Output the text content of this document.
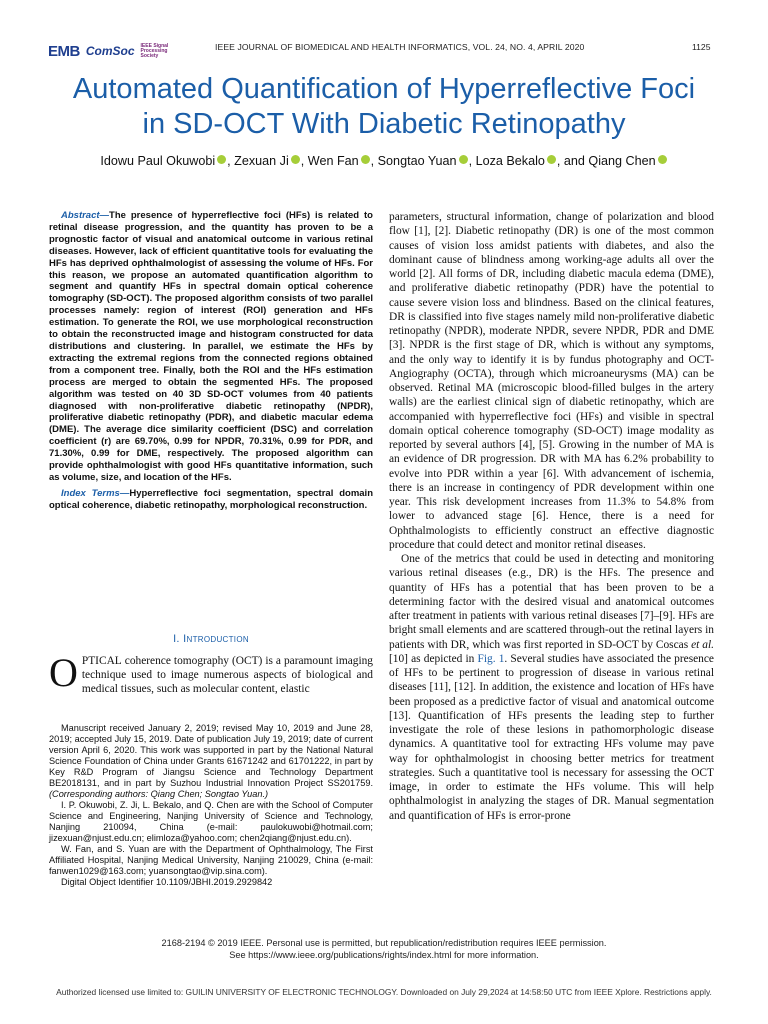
EMB ComSoc IEEE Signal Processing Society
IEEE JOURNAL OF BIOMEDICAL AND HEALTH INFORMATICS, VOL. 24, NO. 4, APRIL 2020	1125
Automated Quantification of Hyperreflective Foci
in SD-OCT With Diabetic Retinopathy
Idowu Paul Okuwobi , Zexuan Ji , Wen Fan , Songtao Yuan , Loza Bekalo , and Qiang Chen

Abstract—The presence of hyperreflective foci (HFs) is related to retinal disease progression, and the quantity has proven to be a prognostic factor of visual and anatomical outcome in various retinal diseases. However, lack of efficient quantitative tools for evaluating the HFs has deprived ophthalmologist of assessing the volume of HFs. For this reason, we propose an automated quantification algorithm to segment and quantify HFs in spectral domain optical coherence tomography (SD-OCT). The proposed algorithm consists of two parallel processes namely: region of interest (ROI) generation and HFs estimation. To generate the ROI, we use morphological reconstruction to obtain the reconstructed image and histogram constructed for data distributions and clustering. In parallel, we estimate the HFs by extracting the extremal regions from the connected regions obtained from a component tree. Finally, both the ROI and the HFs estimation process are merged to obtain the segmented HFs. The proposed algorithm was tested on 40 3D SD-OCT volumes from 40 patients diagnosed with non-proliferative diabetic retinopathy (NPDR), proliferative diabetic retinopathy (PDR), and diabetic macular edema (DME). The average dice similarity coefficient (DSC) and correlation coefficient (r) are 69.70%, 0.99 for NPDR, 70.31%, 0.99 for PDR, and 71.30%, 0.99 for DME, respectively. The proposed algorithm can provide ophthalmologist with good HFs quantitative information, such as volume, size, and location of the HFs.

Index Terms—Hyperreflective foci segmentation, spectral domain optical coherence, diabetic retinopathy, morphological reconstruction.

I. Introduction

OPTICAL coherence tomography (OCT) is a paramount imaging technique used to image numerous aspects of biological and medical tissues, such as molecular content, elastic

Manuscript received January 2, 2019; revised May 10, 2019 and June 28, 2019; accepted July 15, 2019. Date of publication July 19, 2019; date of current version April 6, 2020. This work was supported in part by the National Natural Science Foundation of China under Grants 61671242 and 61701222, in part by Key R&D Program of Jiangsu Science and Technology Department BE2018131, and in part by Suzhou Industrial Innovation Project SS201759. (Corresponding authors: Qiang Chen; Songtao Yuan.)

I. P. Okuwobi, Z. Ji, L. Bekalo, and Q. Chen are with the School of Computer Science and Engineering, Nanjing University of Science and Technology, Nanjing 210094, China (e-mail: paulokuwobi@hotmail.com; jizexuan@njust.edu.cn; elimloza@yahoo.com; chen2qiang@njust.edu.cn).

W. Fan, and S. Yuan are with the Department of Ophthalmology, The First Affiliated Hospital, Nanjing Medical University, Nanjing 210029, China (e-mail: fanwen1029@163.com; yuansongtao@vip.sina.com).

Digital Object Identifier 10.1109/JBHI.2019.2929842

parameters, structural information, change of polarization and blood flow [1], [2]. Diabetic retinopathy (DR) is one of the most common causes of vision loss amidst patients with diabetes, and also the dominant cause of blindness among working-age adults all over the world [2]. All forms of DR, including diabetic macula edema (DME), and proliferative diabetic retinopathy (PDR) have the potential to cause severe vision loss and blindness. Based on the clinical features, DR is classified into five stages namely mild non-proliferative diabetic retinopathy (NPDR), moderate NPDR, severe NPDR, PDR and DME [3]. NPDR is the first stage of DR, which is without any symptoms, and the only way to identify it is by fundus photography and OCT-Angiography (OCTA), through which microaneurysms (MA) can be observed. Retinal MA (microscopic blood-filled bulges in the artery walls) are the earliest clinical sign of diabetic retinopathy, which are accompanied with hyperreflective foci (HFs) and visible in spectral domain optical coherence tomography (SD-OCT) image modality as reported by several authors [4], [5]. Growing in the number of MA is an evidence of DR progression. DR with MA has 6.2% probability to evolve into PDR within a year [6]. With advancement of ischemia, there is an increase in contingency of PDR development within one year. This risk development increases from 11.3% to 54.8% from lower to advanced stage [6]. Hence, there is a need for Ophthalmologists to efficiently construct an effective diagnostic procedure that could detect and monitor retinal diseases.

One of the metrics that could be used in detecting and monitoring various retinal diseases (e.g., DR) is the HFs. The presence and quantity of HFs has a potential that has been proven to be a determining factor with the desired visual and anatomical outcomes after treatment in patients with various retinal diseases [7]–[9]. HFs are bright small elements and are scattered through-out the retinal layers in patients with DR, which was first reported in SD-OCT by Coscas et al. [10] as depicted in Fig. 1. Several studies have associated the presence of HFs to be pertinent to progression of disease in various retinal diseases [11], [12]. In addition, the existence and location of HFs have been proposed as a predictive factor of visual and anatomical outcome [13]. Quantification of HFs presents the leading step to further investigate the role of these lesions in pathomorphologic disease dynamics. A quantitative tool for extracting HFs volume may pave way for ophthalmologist in choosing better metrics for treatment strategies. Such a quantitative tool is necessary for assessing the OCT image, in order to estimate the HFs volume. This will help ophthalmologist in analyzing the stages of DR. Manual segmentation and quantification of HFs is error-prone

2168-2194 © 2019 IEEE. Personal use is permitted, but republication/redistribution requires IEEE permission.
See https://www.ieee.org/publications/rights/index.html for more information.
Authorized licensed use limited to: GUILIN UNIVERSITY OF ELECTRONIC TECHNOLOGY. Downloaded on July 29,2024 at 14:58:50 UTC from IEEE Xplore. Restrictions apply.
